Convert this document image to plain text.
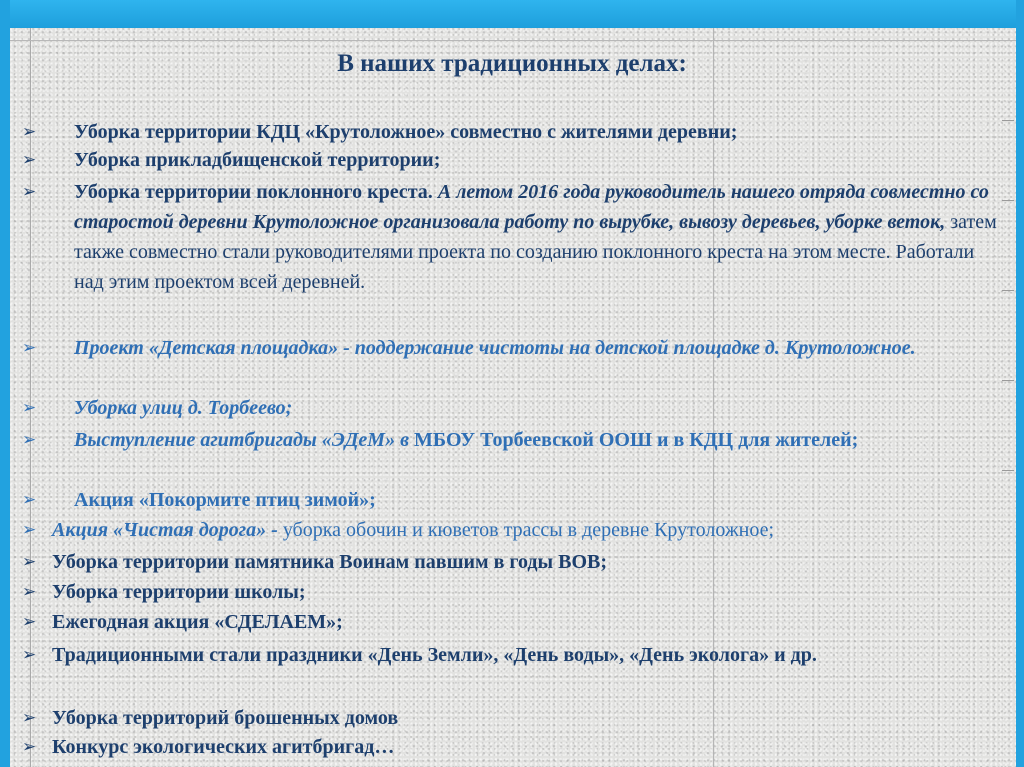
В наших традиционных делах:
➢ Уборка территории КДЦ «Крутоложное» совместно с жителями деревни;
➢ Уборка прикладбищенской территории;
➢ Уборка территории поклонного креста. А летом 2016 года руководитель нашего отряда совместно со старостой деревни Крутоложное организовала работу по вырубке, вывозу деревьев, уборке веток, затем также совместно стали руководителями проекта по созданию поклонного креста на этом месте. Работали над этим проектом всей деревней.
➢ Проект «Детская площадка» - поддержание чистоты на детской площадке д. Крутоложное.
➢ Уборка улиц д. Торбеево;
➢ Выступление агитбригады «ЭДеМ» в МБОУ Торбеевской ООШ и в КДЦ для жителей;
➢ Акция «Покормите птиц зимой»;
➢ Акция «Чистая дорога» - уборка обочин и кюветов трассы в деревне Крутоложное;
➢ Уборка территории памятника Воинам павшим в годы ВОВ;
➢ Уборка территории школы;
➢ Ежегодная акция «СДЕЛАЕМ»;
➢ Традиционными стали праздники «День Земли», «День воды», «День эколога» и др.
➢ Уборка территорий брошенных домов
➢ Конкурс экологических агитбригад…
